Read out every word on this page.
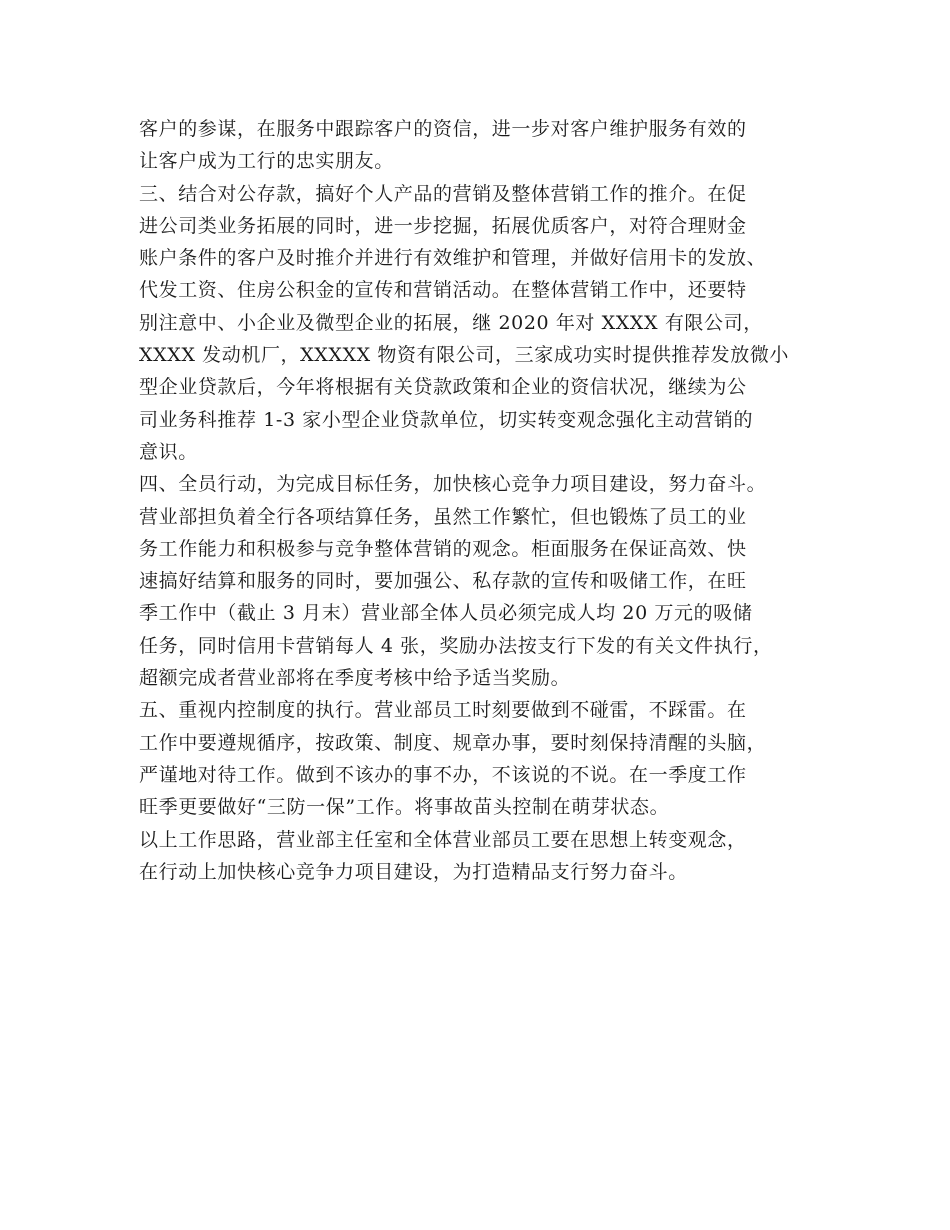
客户的参谋，在服务中跟踪客户的资信，进一步对客户维护服务有效的
让客户成为工行的忠实朋友。
三、结合对公存款，搞好个人产品的营销及整体营销工作的推介。在促
进公司类业务拓展的同时，进一步挖掘，拓展优质客户，对符合理财金
账户条件的客户及时推介并进行有效维护和管理，并做好信用卡的发放、
代发工资、住房公积金的宣传和营销活动。在整体营销工作中，还要特
别注意中、小企业及微型企业的拓展，继 2020 年对 XXXX 有限公司，
XXXX 发动机厂，XXXXX 物资有限公司，三家成功实时提供推荐发放微小
型企业贷款后，今年将根据有关贷款政策和企业的资信状况，继续为公
司业务科推荐 1-3 家小型企业贷款单位，切实转变观念强化主动营销的
意识。
四、全员行动，为完成目标任务，加快核心竞争力项目建设，努力奋斗。
营业部担负着全行各项结算任务，虽然工作繁忙，但也锻炼了员工的业
务工作能力和积极参与竞争整体营销的观念。柜面服务在保证高效、快
速搞好结算和服务的同时，要加强公、私存款的宣传和吸储工作，在旺
季工作中（截止 3 月末）营业部全体人员必须完成人均 20 万元的吸储
任务，同时信用卡营销每人 4 张，奖励办法按支行下发的有关文件执行，
超额完成者营业部将在季度考核中给予适当奖励。
五、重视内控制度的执行。营业部员工时刻要做到不碰雷，不踩雷。在
工作中要遵规循序，按政策、制度、规章办事，要时刻保持清醒的头脑，
严谨地对待工作。做到不该办的事不办，不该说的不说。在一季度工作
旺季更要做好“三防一保”工作。将事故苗头控制在萌芽状态。
以上工作思路，营业部主任室和全体营业部员工要在思想上转变观念，
在行动上加快核心竞争力项目建设，为打造精品支行努力奋斗。
